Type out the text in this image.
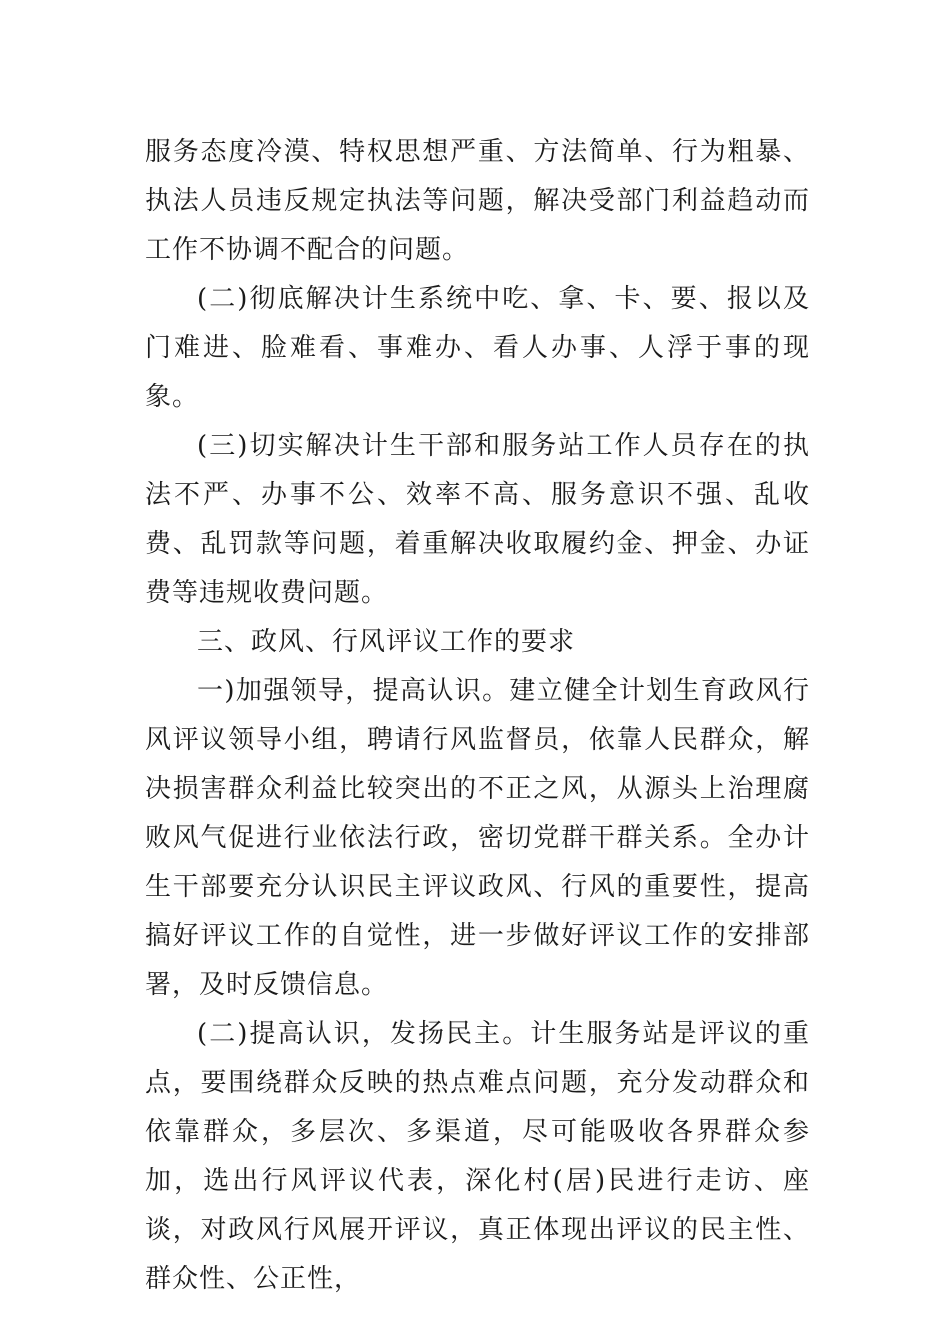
服务态度冷漠、特权思想严重、方法简单、行为粗暴、执法人员违反规定执法等问题，解决受部门利益趋动而工作不协调不配合的问题。

(二)彻底解决计生系统中吃、拿、卡、要、报以及门难进、脸难看、事难办、看人办事、人浮于事的现象。

(三)切实解决计生干部和服务站工作人员存在的执法不严、办事不公、效率不高、服务意识不强、乱收费、乱罚款等问题，着重解决收取履约金、押金、办证费等违规收费问题。

三、政风、行风评议工作的要求

一)加强领导，提高认识。建立健全计划生育政风行风评议领导小组，聘请行风监督员，依靠人民群众，解决损害群众利益比较突出的不正之风，从源头上治理腐败风气促进行业依法行政，密切党群干群关系。全办计生干部要充分认识民主评议政风、行风的重要性，提高搞好评议工作的自觉性，进一步做好评议工作的安排部署，及时反馈信息。

(二)提高认识，发扬民主。计生服务站是评议的重点，要围绕群众反映的热点难点问题，充分发动群众和依靠群众，多层次、多渠道，尽可能吸收各界群众参加，选出行风评议代表，深化村(居)民进行走访、座谈，对政风行风展开评议，真正体现出评议的民主性、群众性、公正性，
